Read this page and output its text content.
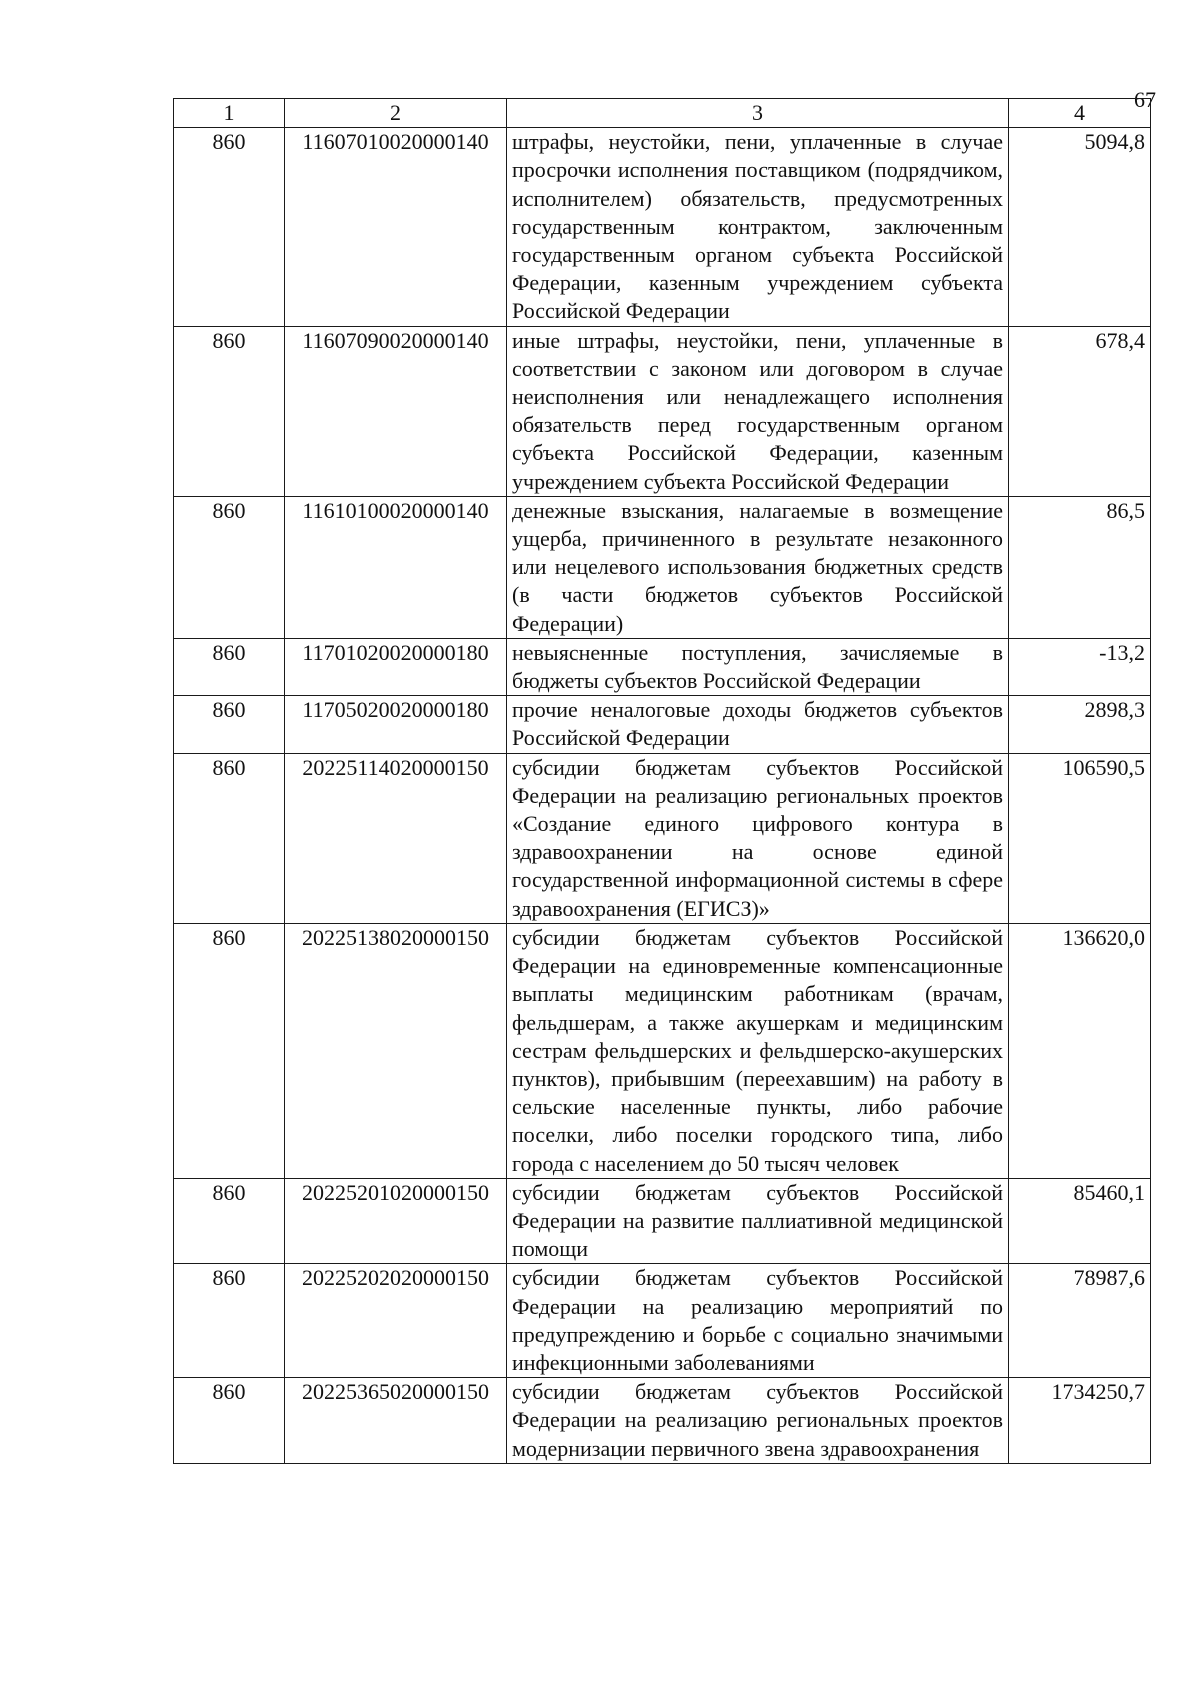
67
1	2	3	4
860	11607010020000140	штрафы, неустойки, пени, уплаченные в случае просрочки исполнения поставщиком (подрядчиком, исполнителем) обязательств, предусмотренных государственным контрактом, заключенным государственным органом субъекта Российской Федерации, казенным учреждением субъекта Российской Федерации	5094,8
860	11607090020000140	иные штрафы, неустойки, пени, уплаченные в соответствии с законом или договором в случае неисполнения или ненадлежащего исполнения обязательств перед государственным органом субъекта Российской Федерации, казенным учреждением субъекта Российской Федерации	678,4
860	11610100020000140	денежные взыскания, налагаемые в возмещение ущерба, причиненного в результате незаконного или нецелевого использования бюджетных средств (в части бюджетов субъектов Российской Федерации)	86,5
860	11701020020000180	невыясненные поступления, зачисляемые в бюджеты субъектов Российской Федерации	-13,2
860	11705020020000180	прочие неналоговые доходы бюджетов субъектов Российской Федерации	2898,3
860	20225114020000150	субсидии бюджетам субъектов Российской Федерации на реализацию региональных проектов «Создание единого цифрового контура в здравоохранении на основе единой государственной информационной системы в сфере здравоохранения (ЕГИСЗ)»	106590,5
860	20225138020000150	субсидии бюджетам субъектов Российской Федерации на единовременные компенсационные выплаты медицинским работникам (врачам, фельдшерам, а также акушеркам и медицинским сестрам фельдшерских и фельдшерско-акушерских пунктов), прибывшим (переехавшим) на работу в сельские населенные пункты, либо рабочие поселки, либо поселки городского типа, либо города с населением до 50 тысяч человек	136620,0
860	20225201020000150	субсидии бюджетам субъектов Российской Федерации на развитие паллиативной медицинской помощи	85460,1
860	20225202020000150	субсидии бюджетам субъектов Российской Федерации на реализацию мероприятий по предупреждению и борьбе с социально значимыми инфекционными заболеваниями	78987,6
860	20225365020000150	субсидии бюджетам субъектов Российской Федерации на реализацию региональных проектов модернизации первичного звена здравоохранения	1734250,7
